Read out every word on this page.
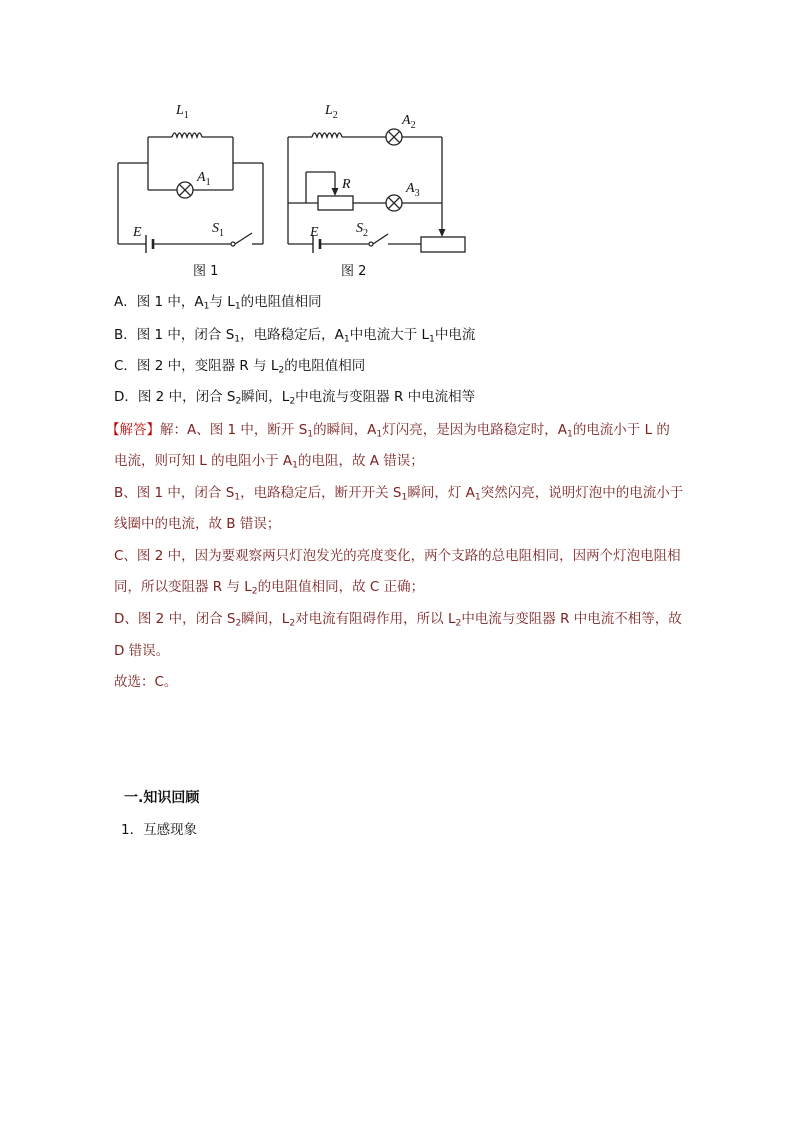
$L_1$
$A_1$
E	$S_1$
图 1
$L_2$	$A_2$
R	$A_3$
E	$S_2$
图 2
A．图 1 中，$A_1$与 $L_1$的电阻值相同
B．图 1 中，闭合 $S_1$，电路稳定后，$A_1$中电流大于 $L_1$中电流
C．图 2 中，变阻器 R 与 $L_2$的电阻值相同
D．图 2 中，闭合 $S_2$瞬间，$L_2$中电流与变阻器 R 中电流相等
【解答】解：A、图 1 中，断开 $S_1$的瞬间，$A_1$灯闪亮，是因为电路稳定时，$A_1$的电流小于 L 的
电流，则可知 L 的电阻小于 $A_1$的电阻，故 A 错误；
B、图 1 中，闭合 $S_1$，电路稳定后，断开开关 $S_1$瞬间，灯 $A_1$突然闪亮，说明灯泡中的电流小于
线圈中的电流，故 B 错误；
C、图 2 中，因为要观察两只灯泡发光的亮度变化，两个支路的总电阻相同，因两个灯泡电阻相
同，所以变阻器 R 与 $L_2$的电阻值相同，故 C 正确；
D、图 2 中，闭合 $S_2$瞬间，$L_2$对电流有阻碍作用，所以 $L_2$中电流与变阻器 R 中电流不相等，故
D 错误。
故选：C。
一.知识回顾
1．互感现象
